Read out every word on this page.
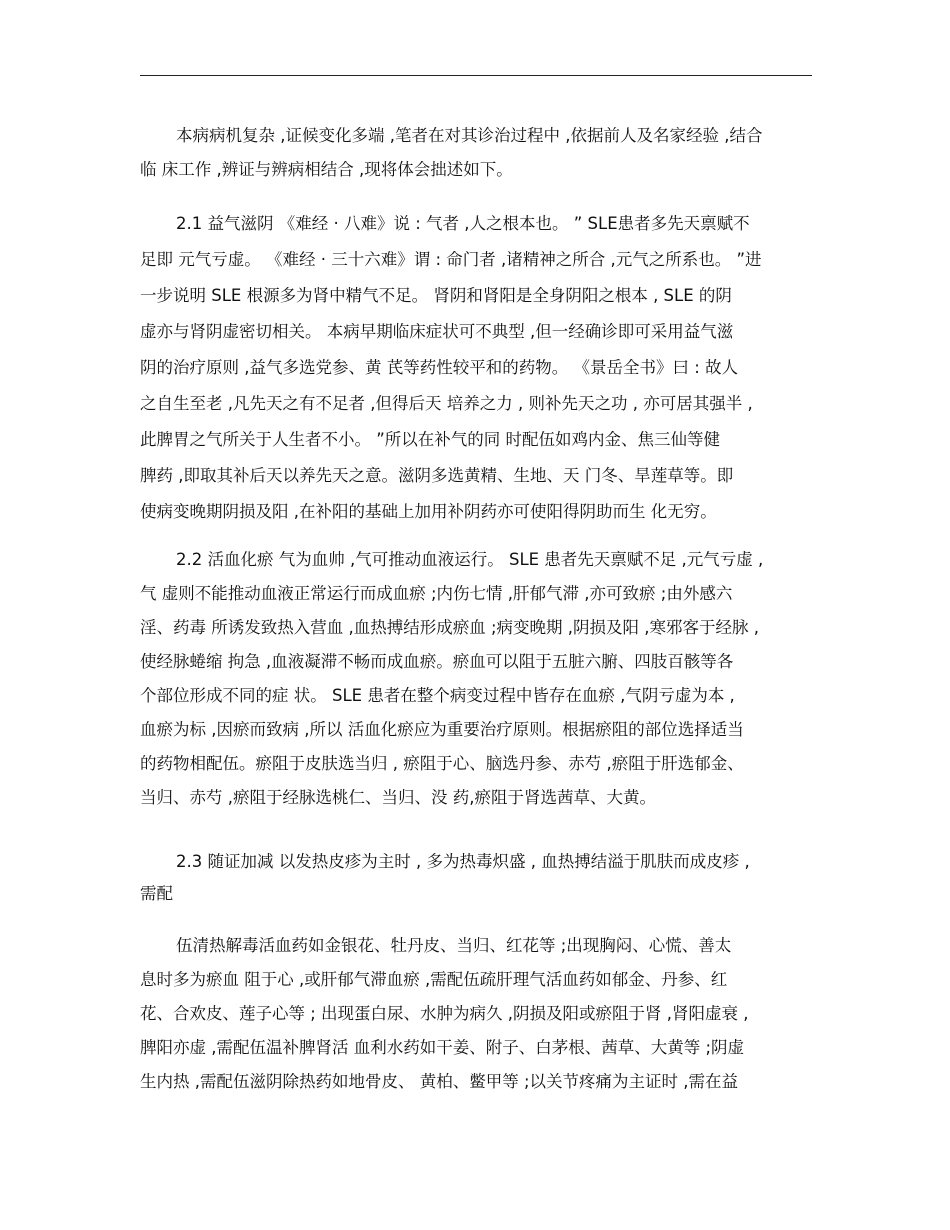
本病病机复杂 ,证候变化多端 ,笔者在对其诊治过程中 ,依据前人及名家经验 ,结合
临 床工作 ,辨证与辨病相结合 ,现将体会拙述如下。
2.1 益气滋阴 《难经 · 八难》说 : 气者 ,人之根本也。 ” SLE患者多先天禀赋不
足即 元气亏虚。 《难经 · 三十六难》谓 : 命门者 ,诸精神之所合 ,元气之所系也。 ”进
一步说明 SLE 根源多为肾中精气不足。 肾阴和肾阳是全身阴阳之根本 , SLE 的阴
虚亦与肾阴虚密切相关。 本病早期临床症状可不典型 ,但一经确诊即可采用益气滋
阴的治疗原则 ,益气多选党参、黄 芪等药性较平和的药物。 《景岳全书》曰 : 故人
之自生至老 ,凡先天之有不足者 ,但得后天 培养之力 , 则补先天之功 , 亦可居其强半 ,
此脾胃之气所关于人生者不小。 ”所以在补气的同 时配伍如鸡内金、焦三仙等健
脾药 ,即取其补后天以养先天之意。滋阴多选黄精、生地、天 门冬、旱莲草等。即
使病变晚期阴损及阳 ,在补阳的基础上加用补阴药亦可使阳得阴助而生 化无穷。
2.2 活血化瘀 气为血帅 ,气可推动血液运行。 SLE 患者先天禀赋不足 ,元气亏虚 ,
气 虚则不能推动血液正常运行而成血瘀 ;内伤七情 ,肝郁气滞 ,亦可致瘀 ;由外感六
淫、药毒 所诱发致热入营血 ,血热搏结形成瘀血 ;病变晚期 ,阴损及阳 ,寒邪客于经脉 ,
使经脉蜷缩 拘急 ,血液凝滞不畅而成血瘀。瘀血可以阻于五脏六腑、四肢百骸等各
个部位形成不同的症 状。 SLE 患者在整个病变过程中皆存在血瘀 ,气阴亏虚为本 ,
血瘀为标 ,因瘀而致病 ,所以 活血化瘀应为重要治疗原则。根据瘀阻的部位选择适当
的药物相配伍。瘀阻于皮肤选当归 , 瘀阻于心、脑选丹参、赤芍 ,瘀阻于肝选郁金、
当归、赤芍 ,瘀阻于经脉选桃仁、当归、没 药,瘀阻于肾选茜草、大黄。
2.3 随证加减 以发热皮疹为主时 , 多为热毒炽盛 , 血热搏结溢于肌肤而成皮疹 ,
需配
伍清热解毒活血药如金银花、牡丹皮、当归、红花等 ;出现胸闷、心慌、善太
息时多为瘀血 阻于心 ,或肝郁气滞血瘀 ,需配伍疏肝理气活血药如郁金、丹参、红
花、合欢皮、莲子心等 ; 出现蛋白尿、水肿为病久 ,阴损及阳或瘀阻于肾 ,肾阳虚衰 ,
脾阳亦虚 ,需配伍温补脾肾活 血利水药如干姜、附子、白茅根、茜草、大黄等 ;阴虚
生内热 ,需配伍滋阴除热药如地骨皮、 黄柏、鳖甲等 ;以关节疼痛为主证时 ,需在益
